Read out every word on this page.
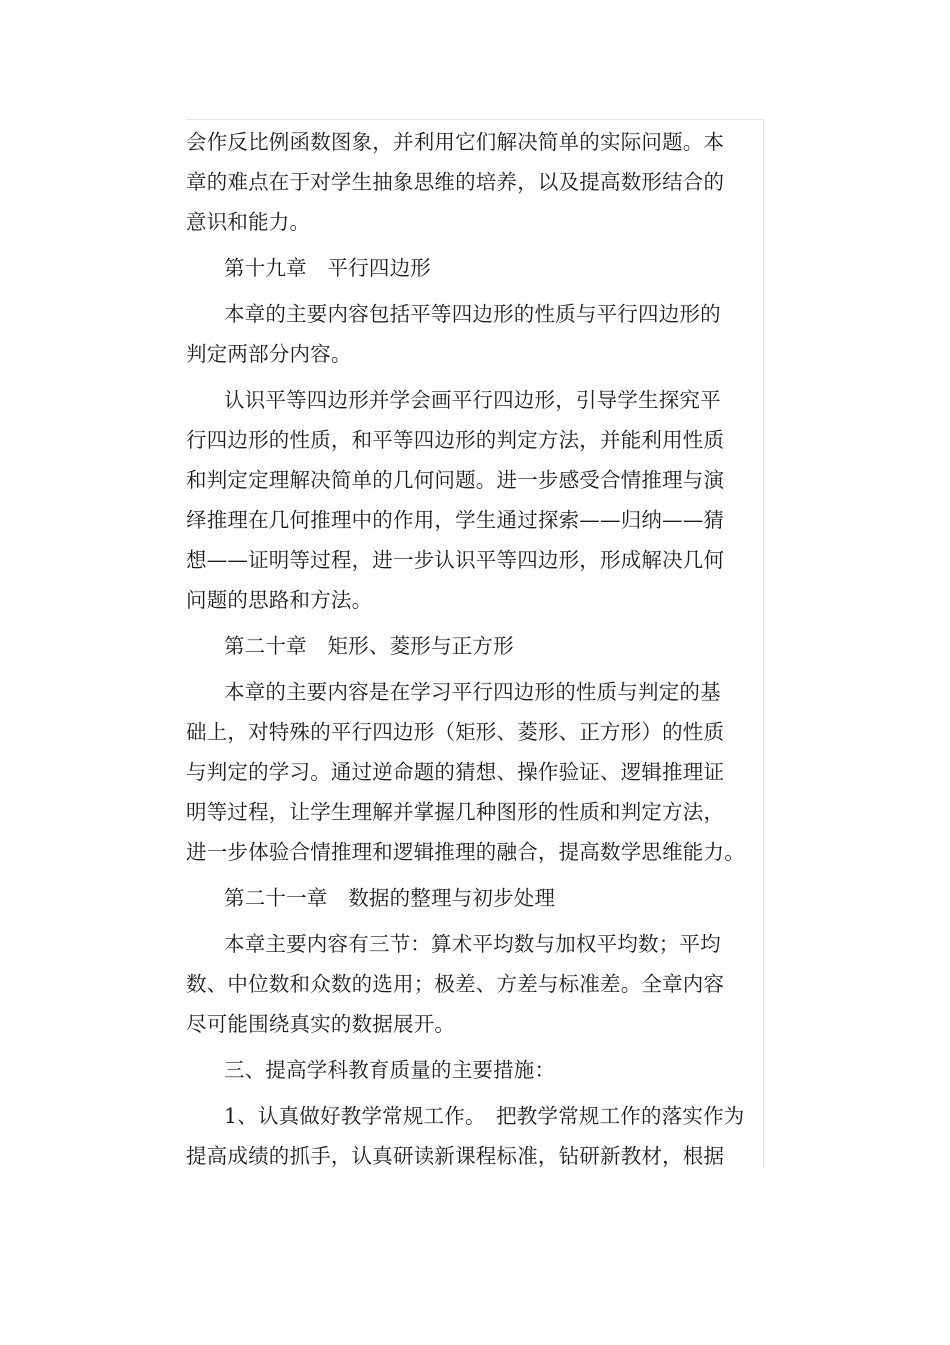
会作反比例函数图象，并利用它们解决简单的实际问题。本
章的难点在于对学生抽象思维的培养，以及提高数形结合的
意识和能力。
第十九章　平行四边形
本章的主要内容包括平等四边形的性质与平行四边形的
判定两部分内容。
认识平等四边形并学会画平行四边形，引导学生探究平
行四边形的性质，和平等四边形的判定方法，并能利用性质
和判定定理解决简单的几何问题。进一步感受合情推理与演
绎推理在几何推理中的作用，学生通过探索——归纳——猜
想——证明等过程，进一步认识平等四边形，形成解决几何
问题的思路和方法。
第二十章　矩形、菱形与正方形
本章的主要内容是在学习平行四边形的性质与判定的基
础上，对特殊的平行四边形（矩形、菱形、正方形）的性质
与判定的学习。通过逆命题的猜想、操作验证、逻辑推理证
明等过程，让学生理解并掌握几种图形的性质和判定方法，
进一步体验合情推理和逻辑推理的融合，提高数学思维能力。
第二十一章　数据的整理与初步处理
本章主要内容有三节：算术平均数与加权平均数；平均
数、中位数和众数的选用；极差、方差与标准差。全章内容
尽可能围绕真实的数据展开。
三、提高学科教育质量的主要措施：
1、认真做好教学常规工作。　把教学常规工作的落实作为
提高成绩的抓手，认真研读新课程标准，钻研新教材，根据
